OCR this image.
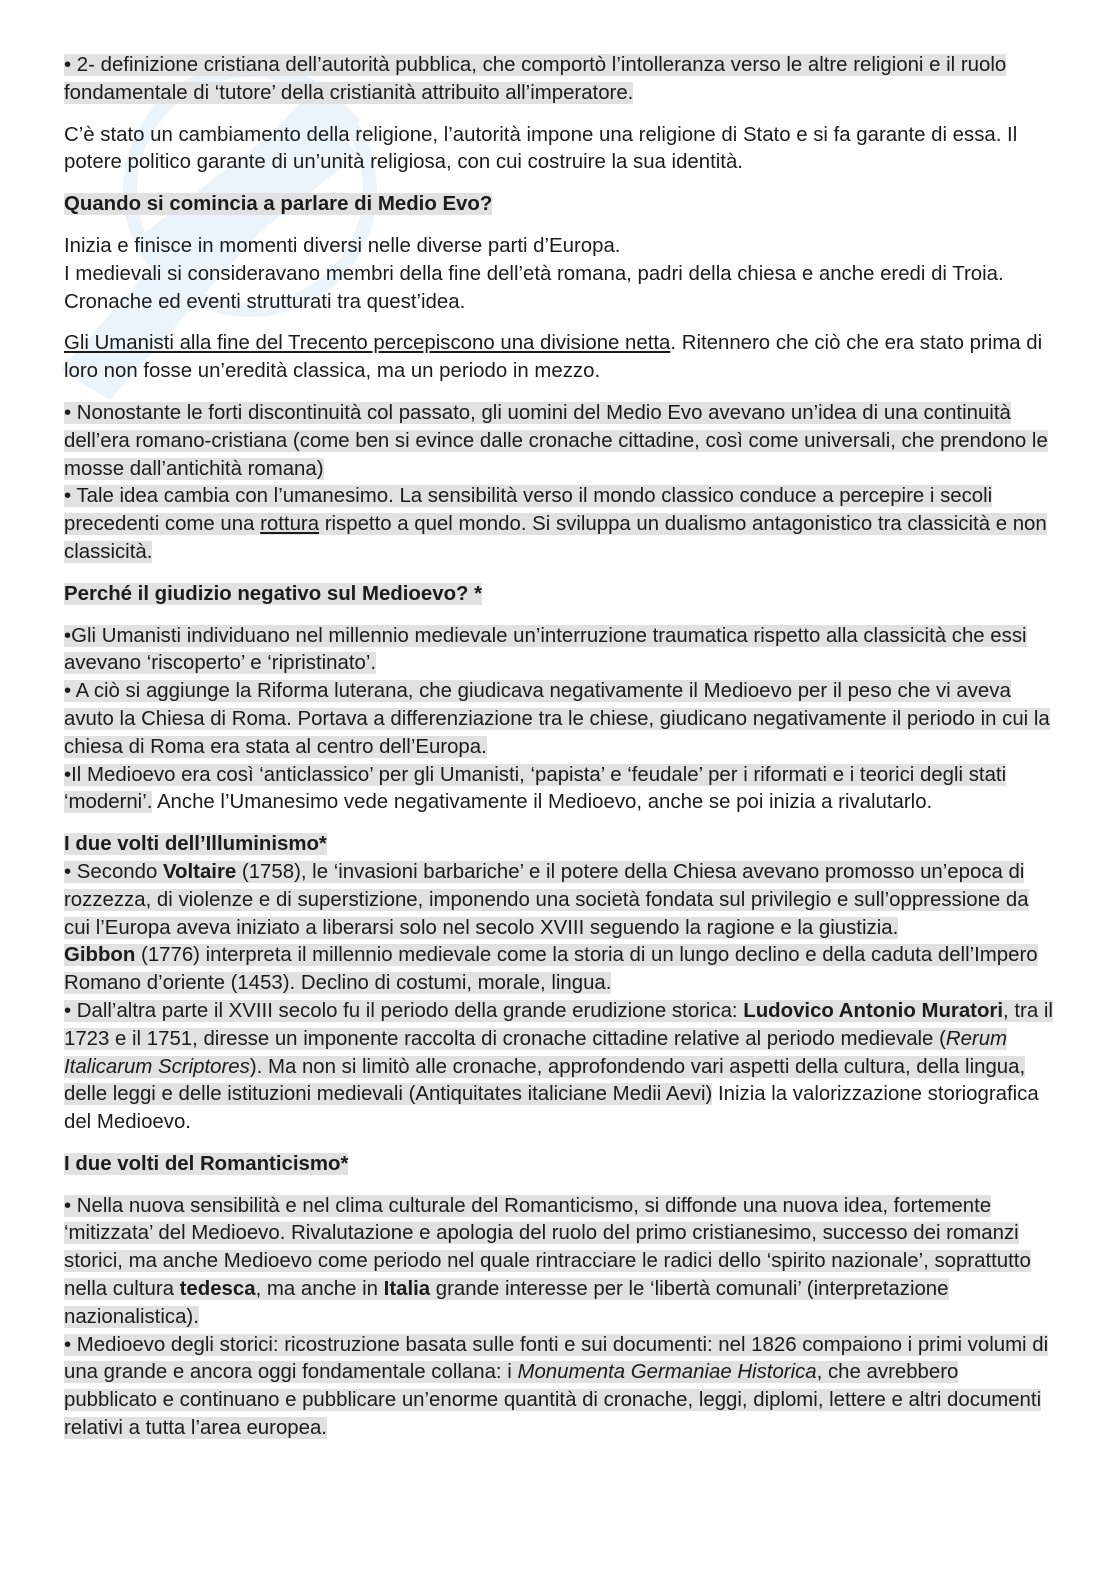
• 2- definizione cristiana dell’autorità pubblica, che comportò l’intolleranza verso le altre religioni e il ruolo fondamentale di ‘tutore’ della cristianità attribuito all’imperatore.

C’è stato un cambiamento della religione, l’autorità impone una religione di Stato e si fa garante di essa. Il potere politico garante di un’unità religiosa, con cui costruire la sua identità.

Quando si comincia a parlare di Medio Evo?

Inizia e finisce in momenti diversi nelle diverse parti d’Europa.
I medievali si consideravano membri della fine dell’età romana, padri della chiesa e anche eredi di Troia. Cronache ed eventi strutturati tra quest’idea.

Gli Umanisti alla fine del Trecento percepiscono una divisione netta. Ritennero che ciò che era stato prima di loro non fosse un’eredità classica, ma un periodo in mezzo.

• Nonostante le forti discontinuità col passato, gli uomini del Medio Evo avevano un’idea di una continuità dell’era romano-cristiana (come ben si evince dalle cronache cittadine, così come universali, che prendono le mosse dall’antichità romana)
• Tale idea cambia con l’umanesimo. La sensibilità verso il mondo classico conduce a percepire i secoli precedenti come una rottura rispetto a quel mondo. Si sviluppa un dualismo antagonistico tra classicità e non classicità.

Perché il giudizio negativo sul Medioevo? *

•Gli Umanisti individuano nel millennio medievale un’interruzione traumatica rispetto alla classicità che essi avevano ‘riscoperto’ e ‘ripristinato’.
• A ciò si aggiunge la Riforma luterana, che giudicava negativamente il Medioevo per il peso che vi aveva avuto la Chiesa di Roma. Portava a differenziazione tra le chiese, giudicano negativamente il periodo in cui la chiesa di Roma era stata al centro dell’Europa.
•Il Medioevo era così ‘anticlassico’ per gli Umanisti, ‘papista’ e ‘feudale’ per i riformati e i teorici degli stati ‘moderni’. Anche l’Umanesimo vede negativamente il Medioevo, anche se poi inizia a rivalutarlo.

I due volti dell’Illuminismo*
• Secondo Voltaire (1758), le ‘invasioni barbariche’ e il potere della Chiesa avevano promosso un’epoca di rozzezza, di violenze e di superstizione, imponendo una società fondata sul privilegio e sull’oppressione da cui l’Europa aveva iniziato a liberarsi solo nel secolo XVIII seguendo la ragione e la giustizia.
Gibbon (1776) interpreta il millennio medievale come la storia di un lungo declino e della caduta dell’Impero Romano d’oriente (1453). Declino di costumi, morale, lingua.
• Dall’altra parte il XVIII secolo fu il periodo della grande erudizione storica: Ludovico Antonio Muratori, tra il 1723 e il 1751, diresse un imponente raccolta di cronache cittadine relative al periodo medievale (Rerum Italicarum Scriptores). Ma non si limitò alle cronache, approfondendo vari aspetti della cultura, della lingua, delle leggi e delle istituzioni medievali (Antiquitates italiciane Medii Aevi) Inizia la valorizzazione storiografica del Medioevo.

I due volti del Romanticismo*

• Nella nuova sensibilità e nel clima culturale del Romanticismo, si diffonde una nuova idea, fortemente ‘mitizzata’ del Medioevo. Rivalutazione e apologia del ruolo del primo cristianesimo, successo dei romanzi storici, ma anche Medioevo come periodo nel quale rintracciare le radici dello ‘spirito nazionale’, soprattutto nella cultura tedesca, ma anche in Italia grande interesse per le ‘libertà comunali’ (interpretazione nazionalistica).
• Medioevo degli storici: ricostruzione basata sulle fonti e sui documenti: nel 1826 compaiono i primi volumi di una grande e ancora oggi fondamentale collana: i Monumenta Germaniae Historica, che avrebbero pubblicato e continuano e pubblicare un’enorme quantità di cronache, leggi, diplomi, lettere e altri documenti relativi a tutta l’area europea.
